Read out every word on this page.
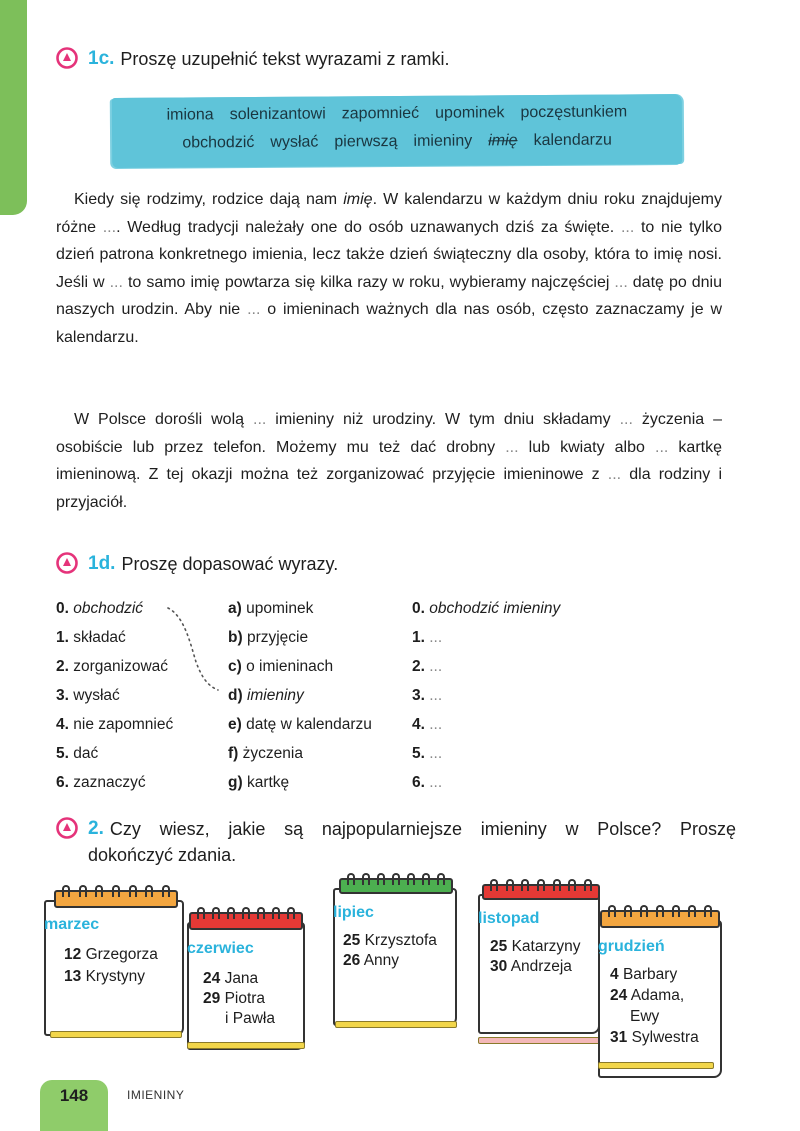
1c. Proszę uzupełnić tekst wyrazami z ramki.
imiona solenizantowi zapomnieć upominek poczęstunkiem
obchodzić wysłać pierwszą imieniny imię kalendarzu

Kiedy się rodzimy, rodzice dają nam imię. W kalendarzu w każdym dniu roku znajdujemy różne .... Według tradycji należały one do osób uznawanych dziś za święte. ... to nie tylko dzień patrona konkretnego imienia, lecz także dzień świąteczny dla osoby, która to imię nosi. Jeśli w ... to samo imię powtarza się kilka razy w roku, wybieramy najczęściej ... datę po dniu naszych urodzin. Aby nie ... o imieninach ważnych dla nas osób, często zaznaczamy je w kalendarzu.

W Polsce dorośli wolą ... imieniny niż urodziny. W tym dniu składamy ... życzenia – osobiście lub przez telefon. Możemy mu też dać drobny ... lub kwiaty albo ... kartkę imieninową. Z tej okazji można też zorganizować przyjęcie imieninowe z ... dla rodziny i przyjaciół.

1d. Proszę dopasować wyrazy.
0. obchodzić
1. składać
2. zorganizować
3. wysłać
4. nie zapomnieć
5. dać
6. zaznaczyć
a) upominek
b) przyjęcie
c) o imieninach
d) imieniny
e) datę w kalendarzu
f) życzenia
g) kartkę
0. obchodzić imieniny
1. ...
2. ...
3. ...
4. ...
5. ...
6. ...
2. Czy wiesz, jakie są najpopularniejsze imieniny w Polsce? Proszę
dokończyć zdania.
12 Grzegorza
13 Krystyny	24 Jana
29 Piotra
i Pawła
25 Krzysztofa
26 Anny
25 Katarzyny
30 Andrzeja 4 Barbary
24 Adama,
Ewy
31 Sylwestra
148	IMIENINY
